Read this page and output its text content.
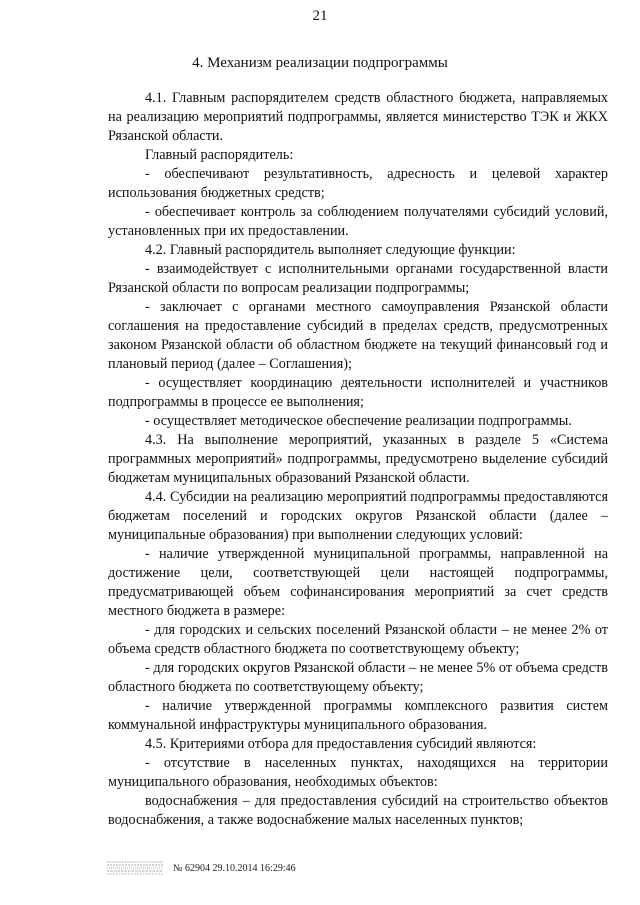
21
4. Механизм реализации подпрограммы

4.1. Главным распорядителем средств областного бюджета, направляемых на реализацию мероприятий подпрограммы, является министерство ТЭК и ЖКХ Рязанской области.

Главный распорядитель:

- обеспечивают результативность, адресность и целевой характер использования бюджетных средств;

- обеспечивает контроль за соблюдением получателями субсидий условий, установленных при их предоставлении.

4.2. Главный распорядитель выполняет следующие функции:

- взаимодействует с исполнительными органами государственной власти Рязанской области по вопросам реализации подпрограммы;

- заключает с органами местного самоуправления Рязанской области соглашения на предоставление субсидий в пределах средств, предусмотренных законом Рязанской области об областном бюджете на текущий финансовый год и плановый период (далее – Соглашения);

- осуществляет координацию деятельности исполнителей и участников подпрограммы в процессе ее выполнения;

- осуществляет методическое обеспечение реализации подпрограммы.

4.3. На выполнение мероприятий, указанных в разделе 5 «Система программных мероприятий» подпрограммы, предусмотрено выделение субсидий бюджетам муниципальных образований Рязанской области.

4.4. Субсидии на реализацию мероприятий подпрограммы предоставляются бюджетам поселений и городских округов Рязанской области (далее – муниципальные образования) при выполнении следующих условий:

- наличие утвержденной муниципальной программы, направленной на достижение цели, соответствующей цели настоящей подпрограммы, предусматривающей объем софинансирования мероприятий за счет средств местного бюджета в размере:

- для городских и сельских поселений Рязанской области – не менее 2% от объема средств областного бюджета по соответствующему объекту;

- для городских округов Рязанской области – не менее 5% от объема средств областного бюджета по соответствующему объекту;

- наличие утвержденной программы комплексного развития систем коммунальной инфраструктуры муниципального образования.

4.5. Критериями отбора для предоставления субсидий являются:

- отсутствие в населенных пунктах, находящихся на территории муниципального образования, необходимых объектов:

водоснабжения – для предоставления субсидий на строительство объектов водоснабжения, а также водоснабжение малых населенных пунктов;

№ 62904 29.10.2014 16:29:46
